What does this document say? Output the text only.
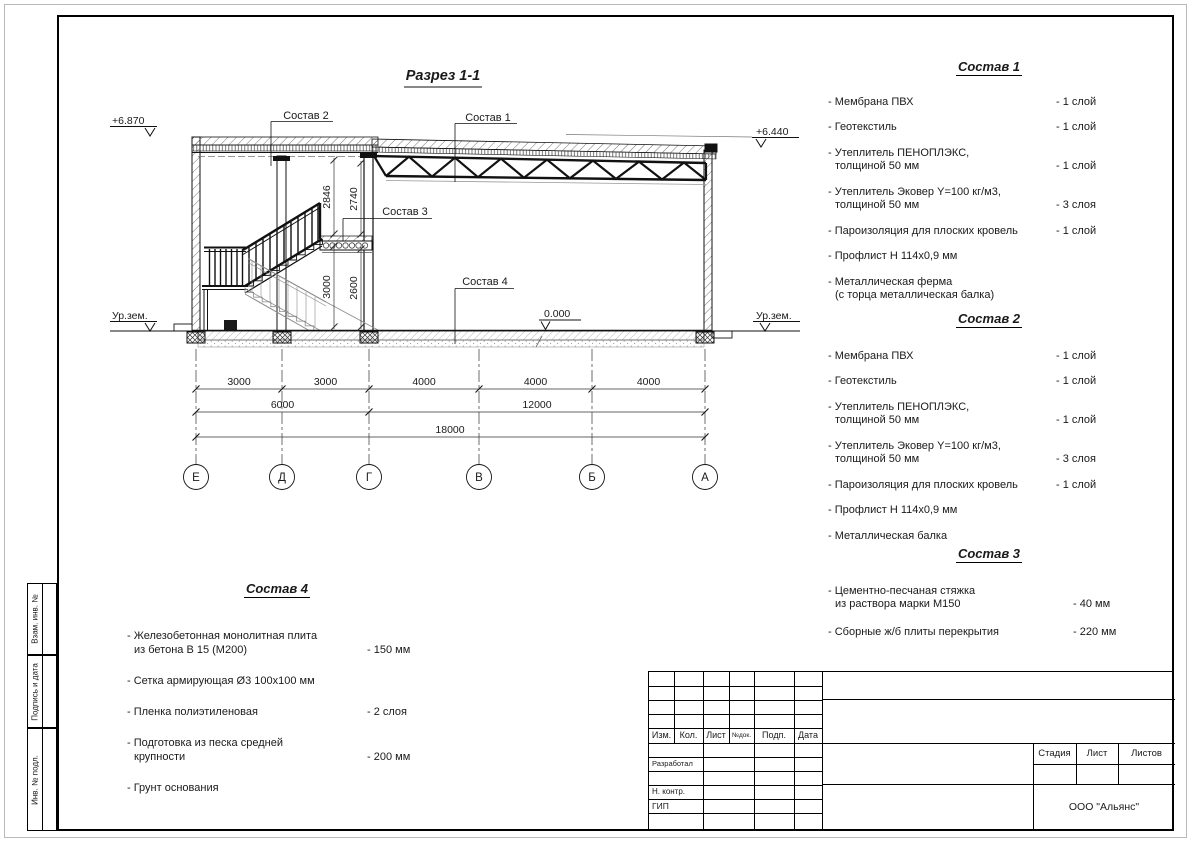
Разрез 1-1
+6.870
+6.440
Ур.зем.	Ур.зем.
0.000
Состав 2	Состав 1
Состав 3
Состав 4
2846 2740
3000 2600
3000	3000	4000	4000	4000
6000	12000
18000
Е	Д	Г	В	Б	А
Состав 1
- Мембрана ПВХ	- 1 слой
- Геотекстиль	- 1 слой
- Утеплитель ПЕНОПЛЭКС,
толщиной 50 мм	- 1 слой
- Утеплитель Эковер Y=100 кг/м3,
толщиной 50 мм	- 3 слоя
- Пароизоляция для плоских кровель	- 1 слой
- Профлист Н 114х0,9 мм
- Металлическая ферма
(с торца металлическая балка)
Состав 2
- Мембрана ПВХ	- 1 слой
- Геотекстиль	- 1 слой
- Утеплитель ПЕНОПЛЭКС,
толщиной 50 мм	- 1 слой
- Утеплитель Эковер Y=100 кг/м3,
толщиной 50 мм	- 3 слоя
- Пароизоляция для плоских кровель	- 1 слой
- Профлист Н 114х0,9 мм
- Металлическая балка
Состав 3
- Цементно-песчаная стяжка
из раствора марки М150	- 40 мм
- Сборные ж/б плиты перекрытия	- 220 мм
Состав 4
- Железобетонная монолитная плита
из бетона В 15 (М200)	- 150 мм
- Сетка армирующая Ø3 100х100 мм
- Пленка полиэтиленовая	- 2 слоя
- Подготовка из песка средней
крупности	- 200 мм
- Грунт основания
Изм. Кол. Лист №док.	Подп.	Дата
Разработал
Н. контр.
ГИП
Стадия	Лист	Листов
ООО "Альянс"
Взам. инв. №
Подпись и дата
Инв. № подл.
